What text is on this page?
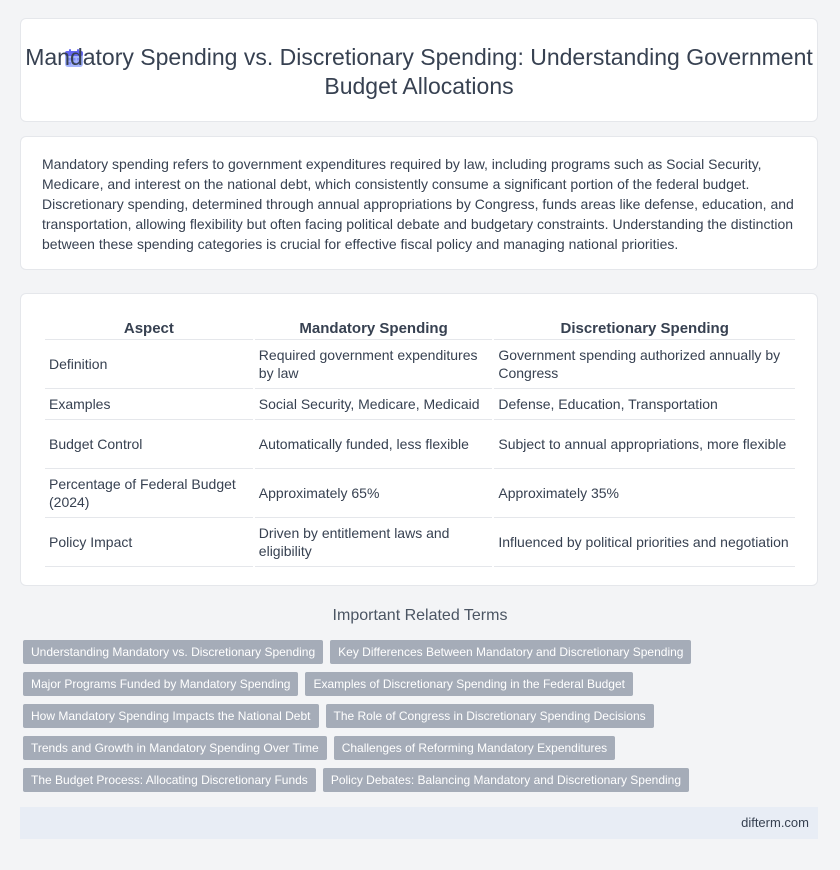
Mandatory Spending vs. Discretionary Spending: Understanding Government Budget Allocations

Mandatory spending refers to government expenditures required by law, including programs such as Social Security, Medicare, and interest on the national debt, which consistently consume a significant portion of the federal budget. Discretionary spending, determined through annual appropriations by Congress, funds areas like defense, education, and transportation, allowing flexibility but often facing political debate and budgetary constraints. Understanding the distinction between these spending categories is crucial for effective fiscal policy and managing national priorities.

Aspect	Mandatory Spending	Discretionary Spending
Definition	Required government expenditures by law	Government spending authorized annually by Congress
Examples	Social Security, Medicare, Medicaid	Defense, Education, Transportation
Budget Control	Automatically funded, less flexible	Subject to annual appropriations, more flexible
Percentage of Federal Budget (2024)	Approximately 65%	Approximately 35%
Policy Impact	Driven by entitlement laws and eligibility	Influenced by political priorities and negotiation
Important Related Terms
Understanding Mandatory vs. Discretionary Spending	Key Differences Between Mandatory and Discretionary Spending
Major Programs Funded by Mandatory Spending	Examples of Discretionary Spending in the Federal Budget
How Mandatory Spending Impacts the National Debt	The Role of Congress in Discretionary Spending Decisions
Trends and Growth in Mandatory Spending Over Time	Challenges of Reforming Mandatory Expenditures
The Budget Process: Allocating Discretionary Funds	Policy Debates: Balancing Mandatory and Discretionary Spending
difterm.com
